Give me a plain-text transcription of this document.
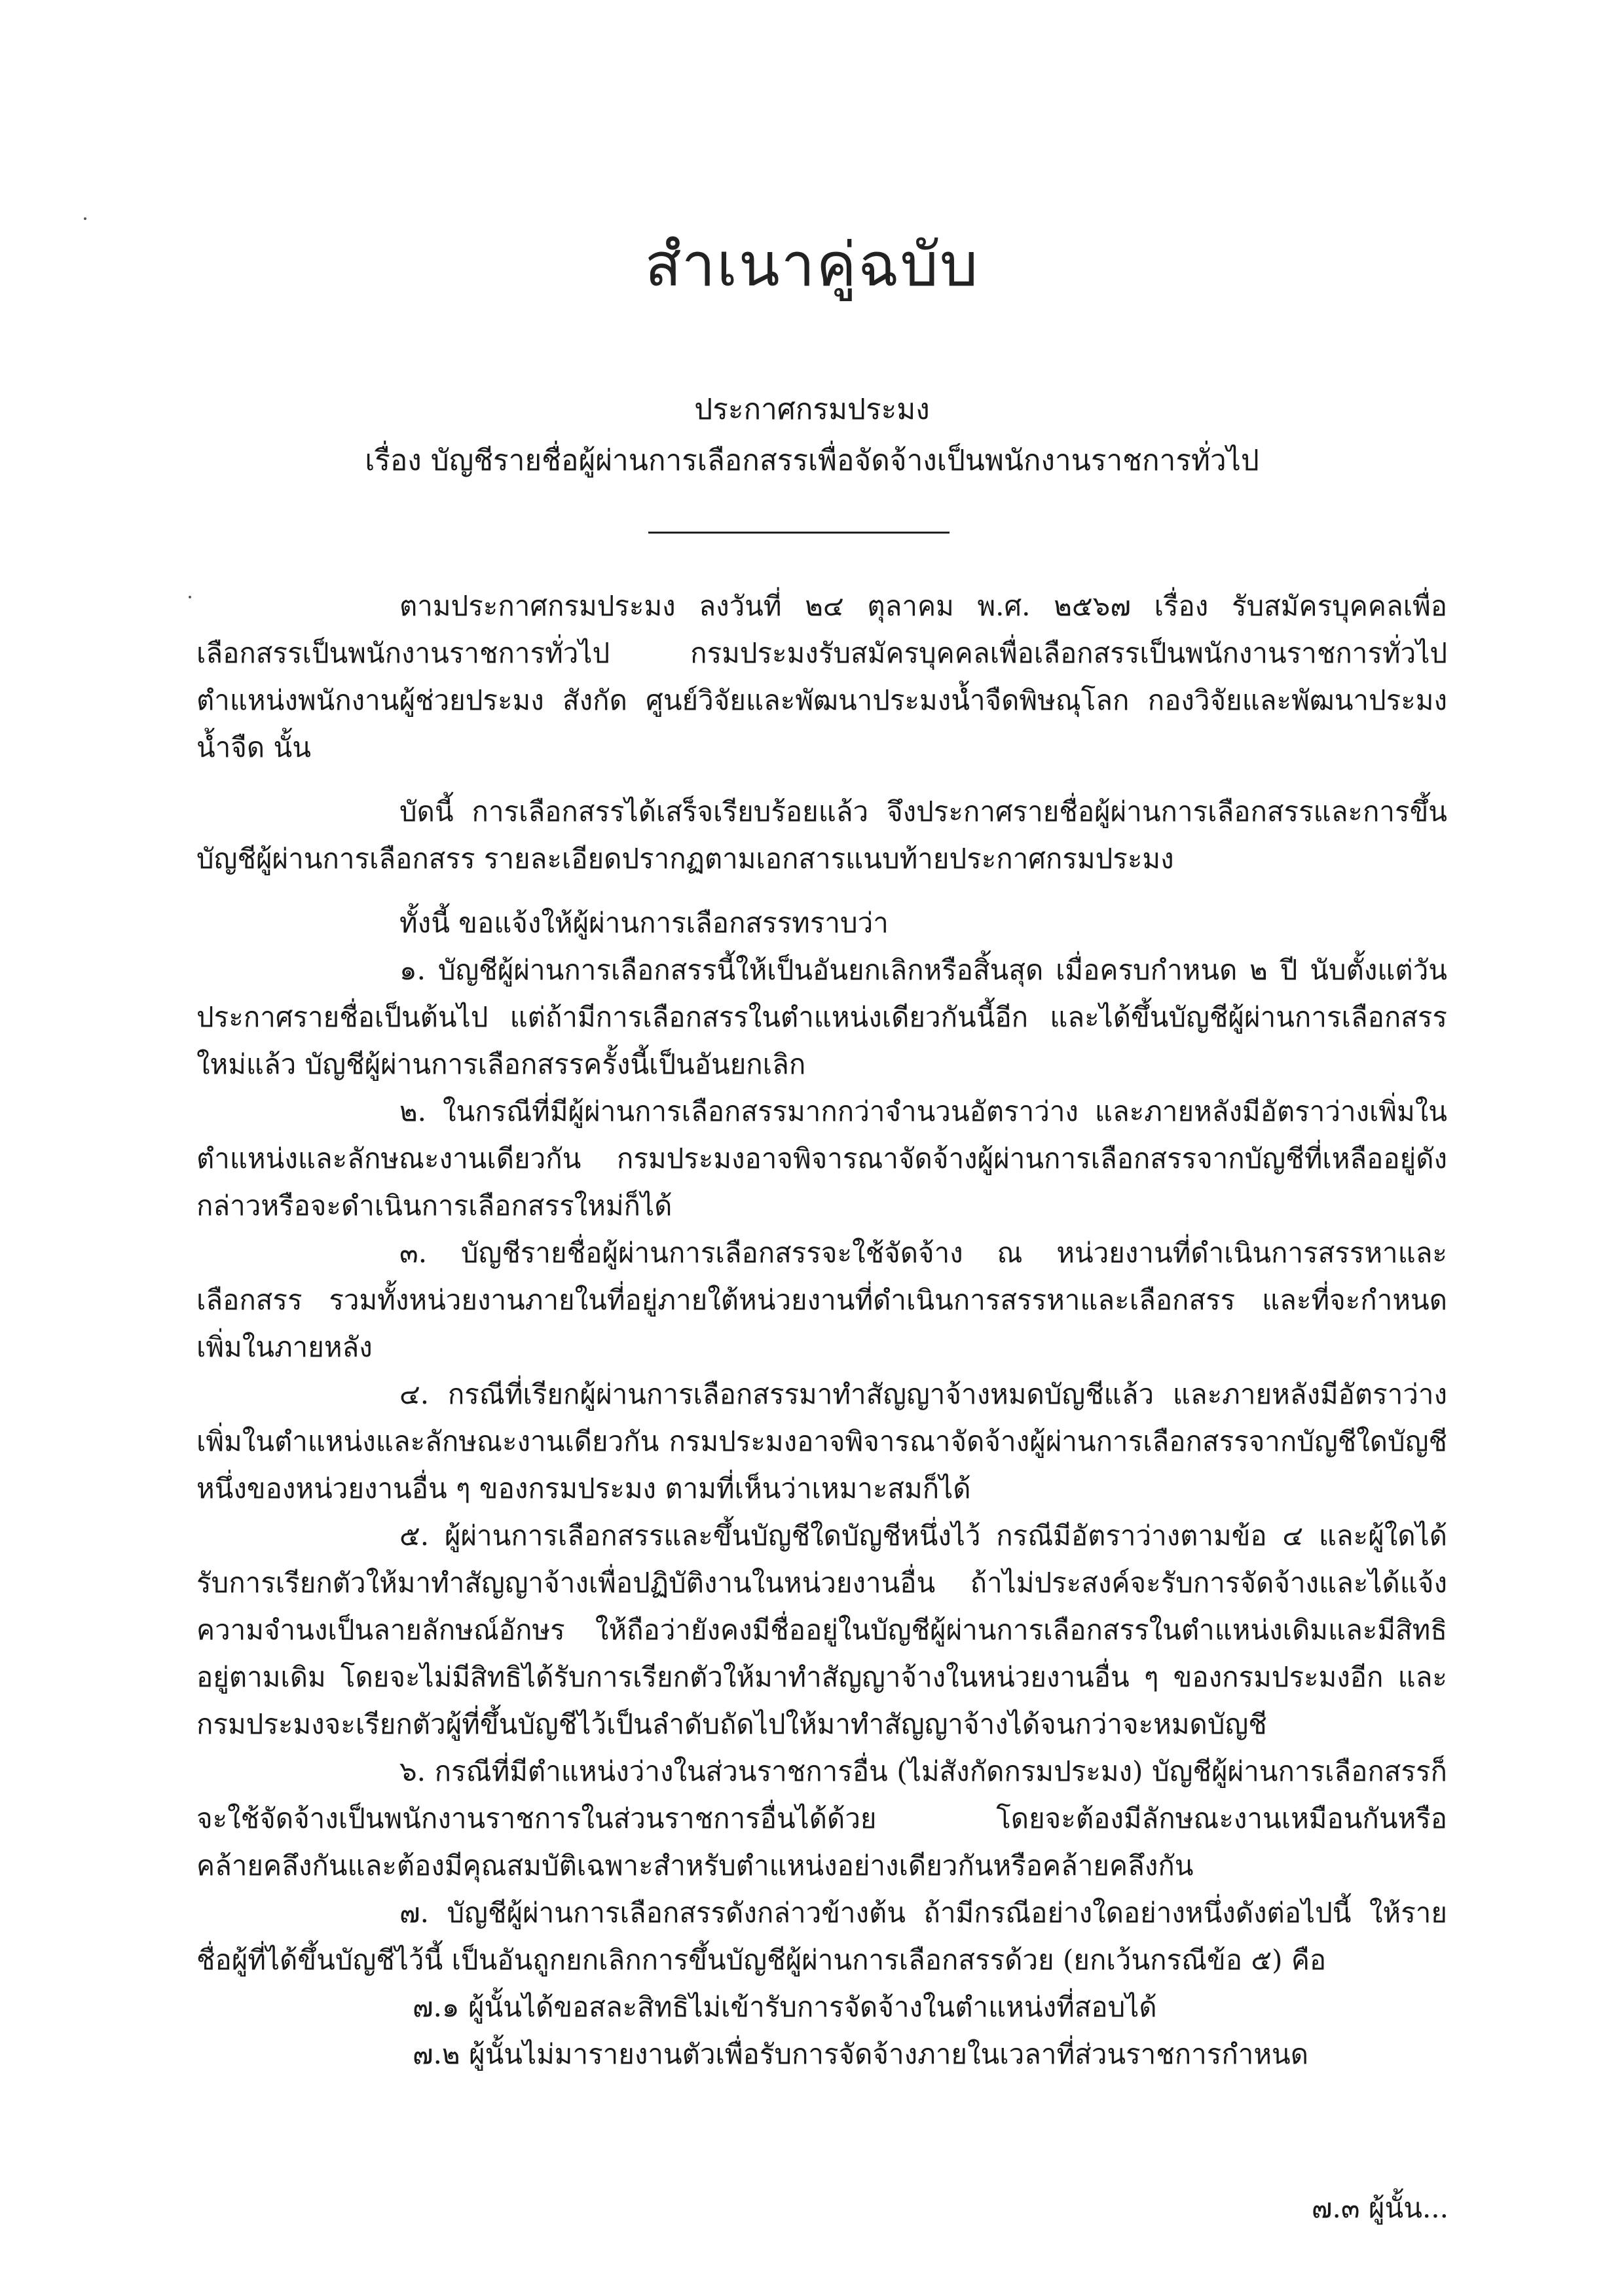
สำเนาคู่ฉบับ
ประกาศกรมประมง
เรื่อง บัญชีรายชื่อผู้ผ่านการเลือกสรรเพื่อจัดจ้างเป็นพนักงานราชการทั่วไป

ตามประกาศกรมประมง ลงวันที่ ๒๔ ตุลาคม พ.ศ. ๒๕๖๗ เรื่อง รับสมัครบุคคลเพื่อเลือกสรรเป็นพนักงานราชการทั่วไป กรมประมงรับสมัครบุคคลเพื่อเลือกสรรเป็นพนักงานราชการทั่วไป ตำแหน่งพนักงานผู้ช่วยประมง สังกัด ศูนย์วิจัยและพัฒนาประมงน้ำจืดพิษณุโลก กองวิจัยและพัฒนาประมงน้ำจืด นั้น

บัดนี้ การเลือกสรรได้เสร็จเรียบร้อยแล้ว จึงประกาศรายชื่อผู้ผ่านการเลือกสรรและการขึ้นบัญชีผู้ผ่านการเลือกสรร รายละเอียดปรากฏตามเอกสารแนบท้ายประกาศกรมประมง

ทั้งนี้ ขอแจ้งให้ผู้ผ่านการเลือกสรรทราบว่า

๑. บัญชีผู้ผ่านการเลือกสรรนี้ให้เป็นอันยกเลิกหรือสิ้นสุด เมื่อครบกำหนด ๒ ปี นับตั้งแต่วันประกาศรายชื่อเป็นต้นไป แต่ถ้ามีการเลือกสรรในตำแหน่งเดียวกันนี้อีก และได้ขึ้นบัญชีผู้ผ่านการเลือกสรรใหม่แล้ว บัญชีผู้ผ่านการเลือกสรรครั้งนี้เป็นอันยกเลิก

๒. ในกรณีที่มีผู้ผ่านการเลือกสรรมากกว่าจำนวนอัตราว่าง และภายหลังมีอัตราว่างเพิ่มในตำแหน่งและลักษณะงานเดียวกัน กรมประมงอาจพิจารณาจัดจ้างผู้ผ่านการเลือกสรรจากบัญชีที่เหลืออยู่ดังกล่าวหรือจะดำเนินการเลือกสรรใหม่ก็ได้

๓. บัญชีรายชื่อผู้ผ่านการเลือกสรรจะใช้จัดจ้าง ณ หน่วยงานที่ดำเนินการสรรหาและเลือกสรร รวมทั้งหน่วยงานภายในที่อยู่ภายใต้หน่วยงานที่ดำเนินการสรรหาและเลือกสรร และที่จะกำหนดเพิ่มในภายหลัง

๔. กรณีที่เรียกผู้ผ่านการเลือกสรรมาทำสัญญาจ้างหมดบัญชีแล้ว และภายหลังมีอัตราว่างเพิ่มในตำแหน่งและลักษณะงานเดียวกัน กรมประมงอาจพิจารณาจัดจ้างผู้ผ่านการเลือกสรรจากบัญชีใดบัญชีหนึ่งของหน่วยงานอื่น ๆ ของกรมประมง ตามที่เห็นว่าเหมาะสมก็ได้

๕. ผู้ผ่านการเลือกสรรและขึ้นบัญชีใดบัญชีหนึ่งไว้ กรณีมีอัตราว่างตามข้อ ๔ และผู้ใดได้รับการเรียกตัวให้มาทำสัญญาจ้างเพื่อปฏิบัติงานในหน่วยงานอื่น ถ้าไม่ประสงค์จะรับการจัดจ้างและได้แจ้งความจำนงเป็นลายลักษณ์อักษร ให้ถือว่ายังคงมีชื่ออยู่ในบัญชีผู้ผ่านการเลือกสรรในตำแหน่งเดิมและมีสิทธิอยู่ตามเดิม โดยจะไม่มีสิทธิได้รับการเรียกตัวให้มาทำสัญญาจ้างในหน่วยงานอื่น ๆ ของกรมประมงอีก และกรมประมงจะเรียกตัวผู้ที่ขึ้นบัญชีไว้เป็นลำดับถัดไปให้มาทำสัญญาจ้างได้จนกว่าจะหมดบัญชี

๖. กรณีที่มีตำแหน่งว่างในส่วนราชการอื่น (ไม่สังกัดกรมประมง) บัญชีผู้ผ่านการเลือกสรรก็จะใช้จัดจ้างเป็นพนักงานราชการในส่วนราชการอื่นได้ด้วย โดยจะต้องมีลักษณะงานเหมือนกันหรือคล้ายคลึงกันและต้องมีคุณสมบัติเฉพาะสำหรับตำแหน่งอย่างเดียวกันหรือคล้ายคลึงกัน

๗. บัญชีผู้ผ่านการเลือกสรรดังกล่าวข้างต้น ถ้ามีกรณีอย่างใดอย่างหนึ่งดังต่อไปนี้ ให้รายชื่อผู้ที่ได้ขึ้นบัญชีไว้นี้ เป็นอันถูกยกเลิกการขึ้นบัญชีผู้ผ่านการเลือกสรรด้วย (ยกเว้นกรณีข้อ ๕) คือ

๗.๑ ผู้นั้นได้ขอสละสิทธิไม่เข้ารับการจัดจ้างในตำแหน่งที่สอบได้

๗.๒ ผู้นั้นไม่มารายงานตัวเพื่อรับการจัดจ้างภายในเวลาที่ส่วนราชการกำหนด

๗.๓ ผู้นั้น...
